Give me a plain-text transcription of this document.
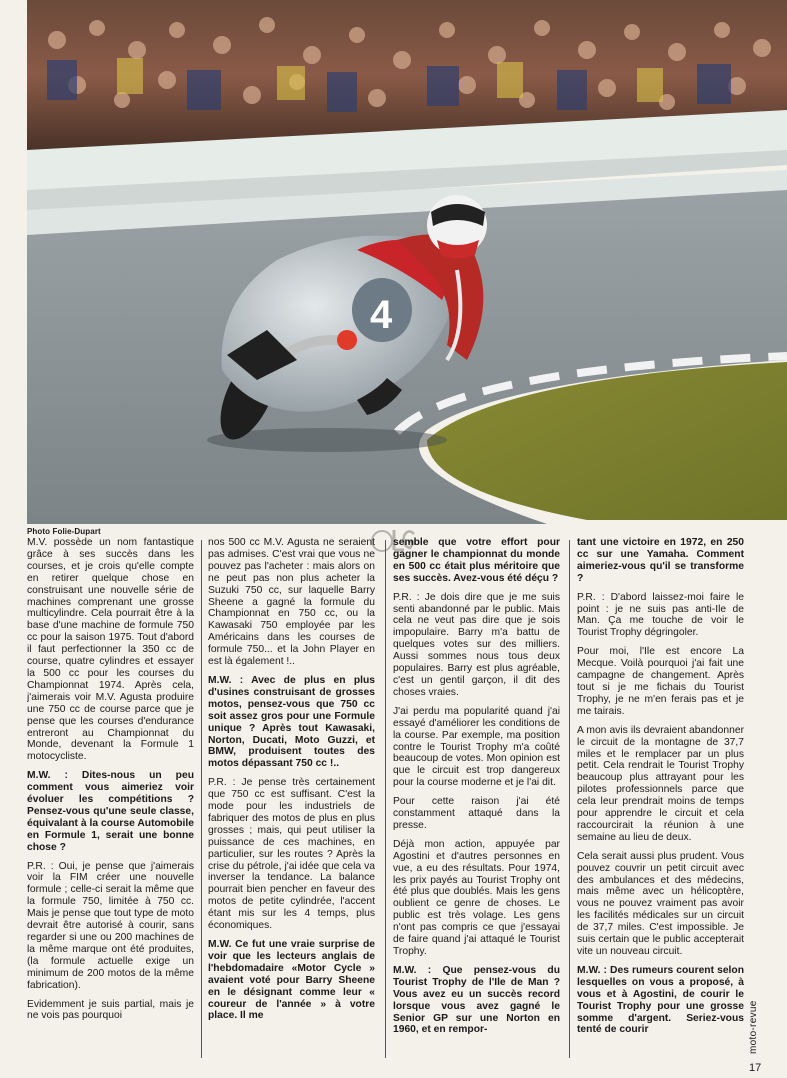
4
Photo Folie-Dupart

M.V. possède un nom fantastique grâce à ses succès dans les courses, et je crois qu'elle compte en retirer quelque chose en construisant une nouvelle série de machines comprenant une grosse multicylindre. Cela pourrait être à la base d'une machine de formule 750 cc pour la saison 1975. Tout d'abord il faut perfectionner la 350 cc de course, quatre cylindres et essayer la 500 cc pour les courses du Championnat 1974. Après cela, j'aimerais voir M.V. Agusta produire une 750 cc de course parce que je pense que les courses d'endurance entreront au Championnat du Monde, devenant la Formule 1 motocycliste.

M.W. : Dites-nous un peu comment vous aimeriez voir évoluer les compétitions ? Pensez-vous qu'une seule classe, équivalant à la course Automobile en Formule 1, serait une bonne chose ?

P.R. : Oui, je pense que j'aimerais voir la FIM créer une nouvelle formule ; celle-ci serait la même que la formule 750, limitée à 750 cc. Mais je pense que tout type de moto devrait être autorisé à courir, sans regarder si une ou 200 machines de la même marque ont été produites, (la formule actuelle exige un minimum de 200 motos de la même fabrication).

Evidemment je suis partial, mais je ne vois pas pourquoi

nos 500 cc M.V. Agusta ne seraient pas admises. C'est vrai que vous ne pouvez pas l'acheter : mais alors on ne peut pas non plus acheter la Suzuki 750 cc, sur laquelle Barry Sheene a gagné la formule du Championnat en 750 cc, ou la Kawasaki 750 employée par les Américains dans les courses de formule 750... et la John Player en est là également !..

M.W. : Avec de plus en plus d'usines construisant de grosses motos, pensez-vous que 750 cc soit assez gros pour une Formule unique ? Après tout Kawasaki, Norton, Ducati, Moto Guzzi, et BMW, produisent toutes des motos dépassant 750 cc !..

P.R. : Je pense très certainement que 750 cc est suffisant. C'est la mode pour les industriels de fabriquer des motos de plus en plus grosses ; mais, qui peut utiliser la puissance de ces machines, en particulier, sur les routes ? Après la crise du pétrole, j'ai idée que cela va inverser la tendance. La balance pourrait bien pencher en faveur des motos de petite cylindrée, l'accent étant mis sur les 4 temps, plus économiques.

M.W. Ce fut une vraie surprise de voir que les lecteurs anglais de l'hebdomadaire «Motor Cycle » avaient voté pour Barry Sheene en le désignant comme leur « coureur de l'année » à votre place. Il me

semble que votre effort pour gagner le championnat du monde en 500 cc était plus méritoire que ses succès. Avez-vous été déçu ?

P.R. : Je dois dire que je me suis senti abandonné par le public. Mais cela ne veut pas dire que je sois impopulaire. Barry m'a battu de quelques votes sur des milliers. Aussi sommes nous tous deux populaires. Barry est plus agréable, c'est un gentil garçon, il dit des choses vraies.

J'ai perdu ma popularité quand j'ai essayé d'améliorer les conditions de la course. Par exemple, ma position contre le Tourist Trophy m'a coûté beaucoup de votes. Mon opinion est que le circuit est trop dangereux pour la course moderne et je l'ai dit.

Pour cette raison j'ai été constamment attaqué dans la presse.

Déjà mon action, appuyée par Agostini et d'autres personnes en vue, a eu des résultats. Pour 1974, les prix payés au Tourist Trophy ont été plus que doublés. Mais les gens oublient ce genre de choses. Le public est très volage. Les gens n'ont pas compris ce que j'essayai de faire quand j'ai attaqué le Tourist Trophy.

M.W. : Que pensez-vous du Tourist Trophy de l'Ile de Man ? Vous avez eu un succès record lorsque vous avez gagné le Senior GP sur une Norton en 1960, et en rempor-

tant une victoire en 1972, en 250 cc sur une Yamaha. Comment aimeriez-vous qu'il se transforme ?

P.R. : D'abord laissez-moi faire le point : je ne suis pas anti-Ile de Man. Ça me touche de voir le Tourist Trophy dégringoler.

Pour moi, l'Ile est encore La Mecque. Voilà pourquoi j'ai fait une campagne de changement. Après tout si je me fichais du Tourist Trophy, je ne m'en ferais pas et je me tairais.

A mon avis ils devraient abandonner le circuit de la montagne de 37,7 miles et le remplacer par un plus petit. Cela rendrait le Tourist Trophy beaucoup plus attrayant pour les pilotes professionnels parce que cela leur prendrait moins de temps pour apprendre le circuit et cela raccourcirait la réunion à une semaine au lieu de deux.

Cela serait aussi plus prudent. Vous pouvez couvrir un petit circuit avec des ambulances et des médecins, mais même avec un hélicoptère, vous ne pouvez vraiment pas avoir les facilités médicales sur un circuit de 37,7 miles. C'est impossible. Je suis certain que le public accepterait vite un nouveau circuit.

M.W. : Des rumeurs courent selon lesquelles on vous a proposé, à vous et à Agostini, de courir le Tourist Trophy pour une grosse somme d'argent. Seriez-vous tenté de courir	moto-revue
17
